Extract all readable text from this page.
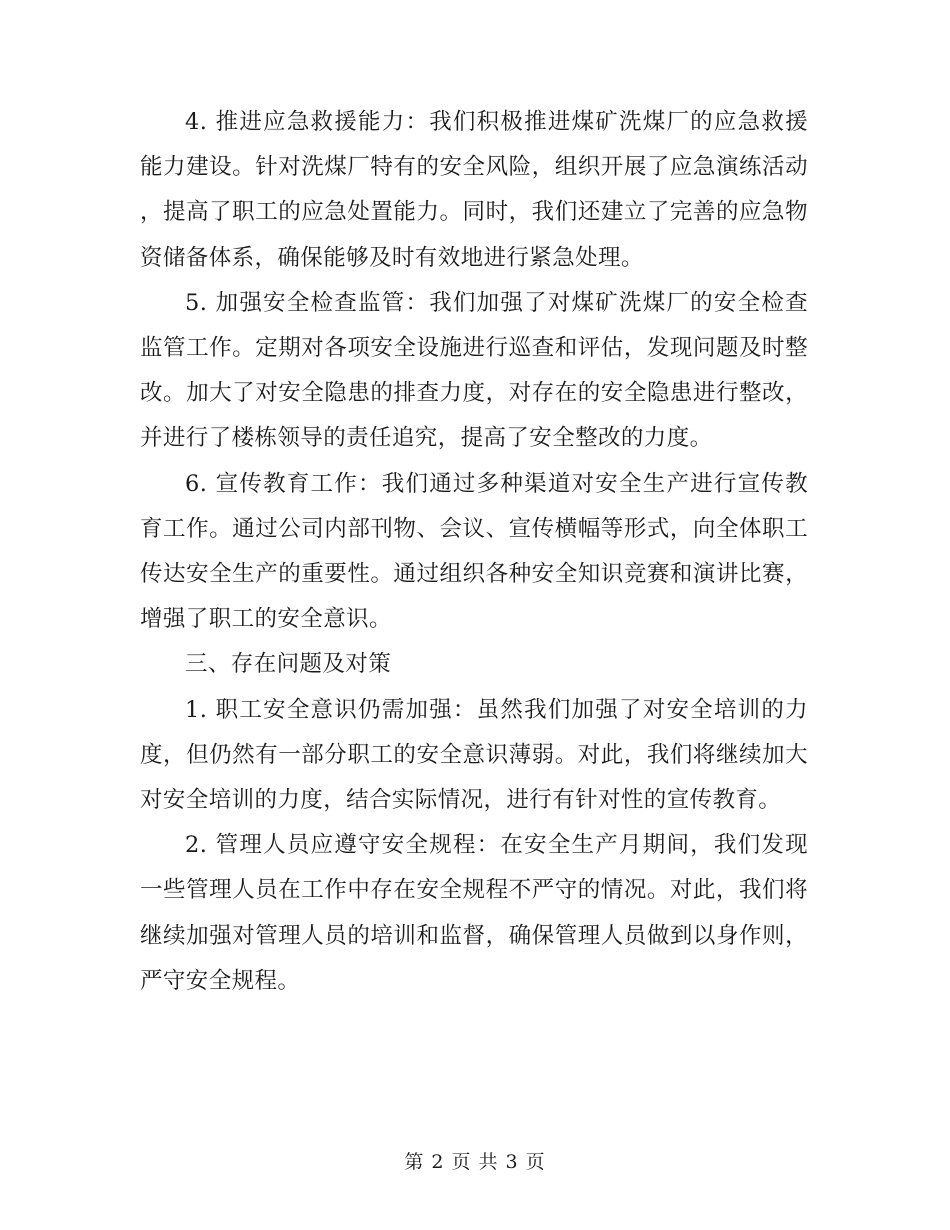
4. 推进应急救援能力：我们积极推进煤矿洗煤厂的应急救援能力建设。针对洗煤厂特有的安全风险，组织开展了应急演练活动，提高了职工的应急处置能力。同时，我们还建立了完善的应急物资储备体系，确保能够及时有效地进行紧急处理。

5. 加强安全检查监管：我们加强了对煤矿洗煤厂的安全检查监管工作。定期对各项安全设施进行巡查和评估，发现问题及时整改。加大了对安全隐患的排查力度，对存在的安全隐患进行整改，并进行了楼栋领导的责任追究，提高了安全整改的力度。

6. 宣传教育工作：我们通过多种渠道对安全生产进行宣传教育工作。通过公司内部刊物、会议、宣传横幅等形式，向全体职工传达安全生产的重要性。通过组织各种安全知识竞赛和演讲比赛，增强了职工的安全意识。

三、存在问题及对策

1. 职工安全意识仍需加强：虽然我们加强了对安全培训的力度，但仍然有一部分职工的安全意识薄弱。对此，我们将继续加大对安全培训的力度，结合实际情况，进行有针对性的宣传教育。

2. 管理人员应遵守安全规程：在安全生产月期间，我们发现一些管理人员在工作中存在安全规程不严守的情况。对此，我们将继续加强对管理人员的培训和监督，确保管理人员做到以身作则，严守安全规程。

第 2 页 共 3 页
